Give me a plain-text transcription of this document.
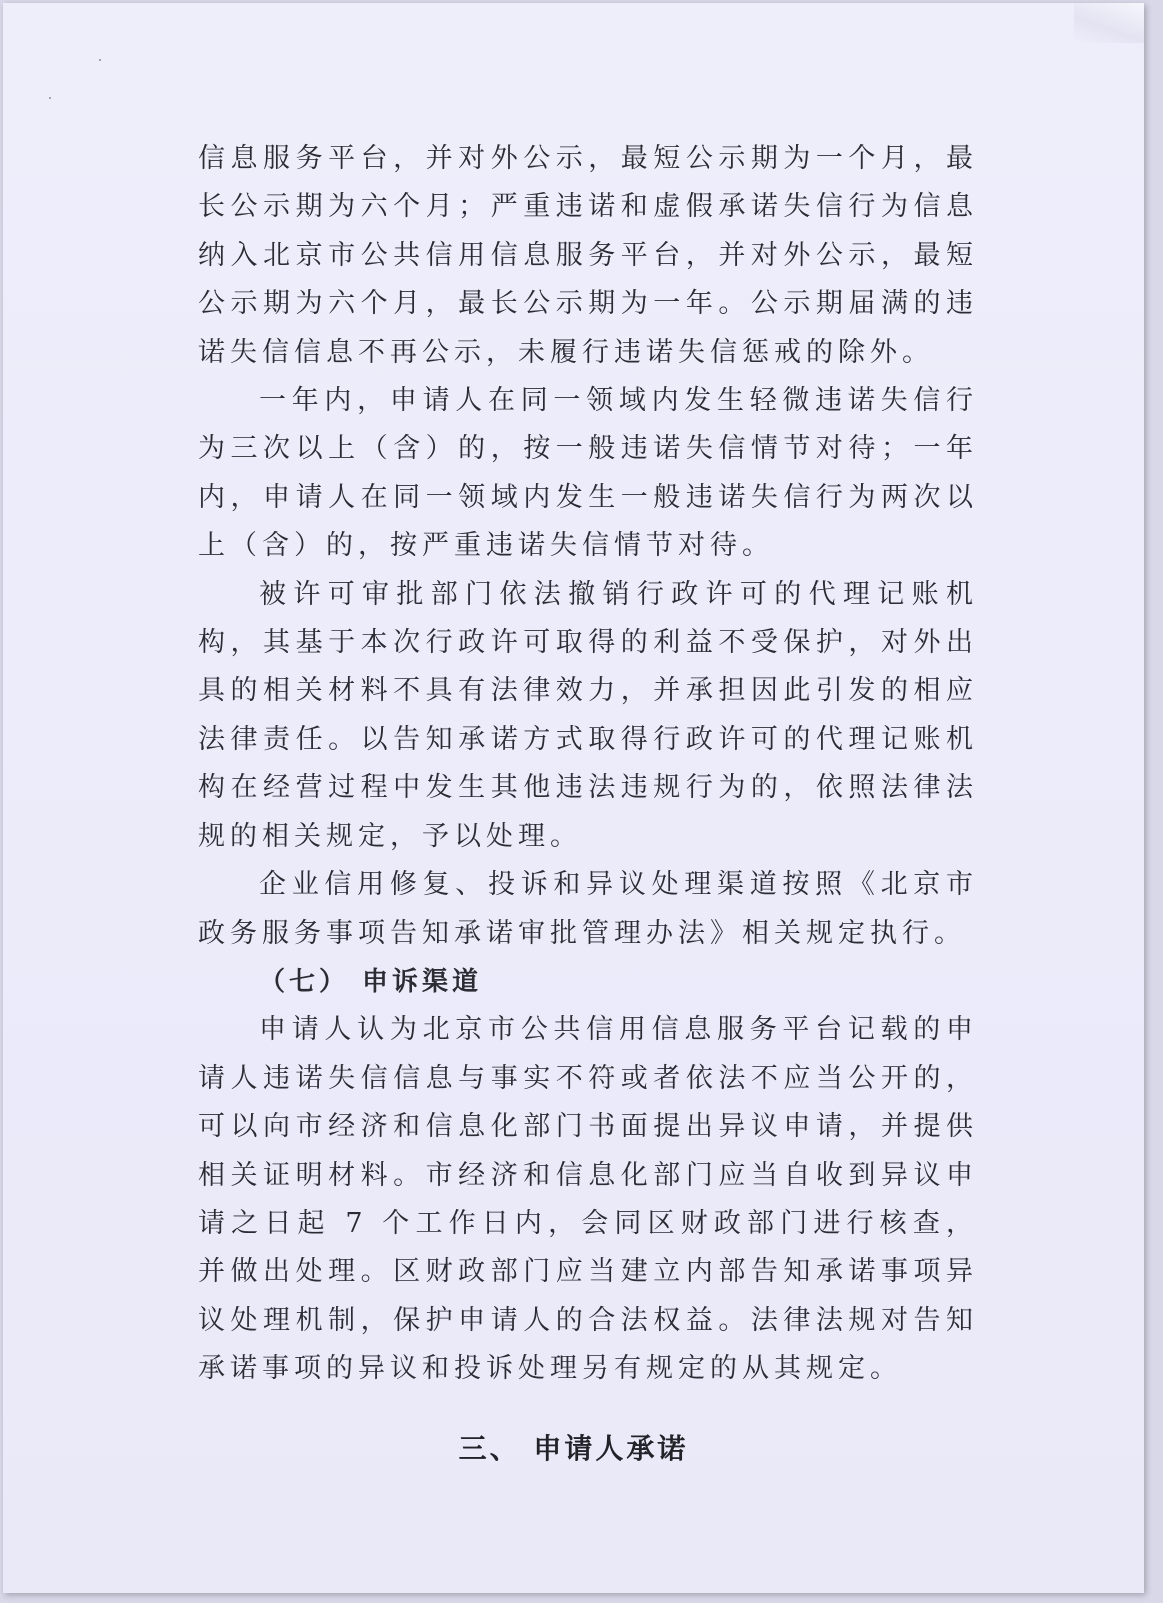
信息服务平台，并对外公示，最短公示期为一个月，最长公示期为六个月；严重违诺和虚假承诺失信行为信息纳入北京市公共信用信息服务平台，并对外公示，最短公示期为六个月，最长公示期为一年。公示期届满的违诺失信信息不再公示，未履行违诺失信惩戒的除外。

一年内，申请人在同一领域内发生轻微违诺失信行为三次以上（含）的，按一般违诺失信情节对待；一年内，申请人在同一领域内发生一般违诺失信行为两次以上（含）的，按严重违诺失信情节对待。

被许可审批部门依法撤销行政许可的代理记账机构，其基于本次行政许可取得的利益不受保护，对外出具的相关材料不具有法律效力，并承担因此引发的相应法律责任。以告知承诺方式取得行政许可的代理记账机构在经营过程中发生其他违法违规行为的，依照法律法规的相关规定，予以处理。

企业信用修复、投诉和异议处理渠道按照《北京市政务服务事项告知承诺审批管理办法》相关规定执行。

（七） 申诉渠道

申请人认为北京市公共信用信息服务平台记载的申请人违诺失信信息与事实不符或者依法不应当公开的，可以向市经济和信息化部门书面提出异议申请，并提供相关证明材料。市经济和信息化部门应当自收到异议申请之日起 7 个工作日内，会同区财政部门进行核查，并做出处理。区财政部门应当建立内部告知承诺事项异议处理机制，保护申请人的合法权益。法律法规对告知承诺事项的异议和投诉处理另有规定的从其规定。

三、 申请人承诺
